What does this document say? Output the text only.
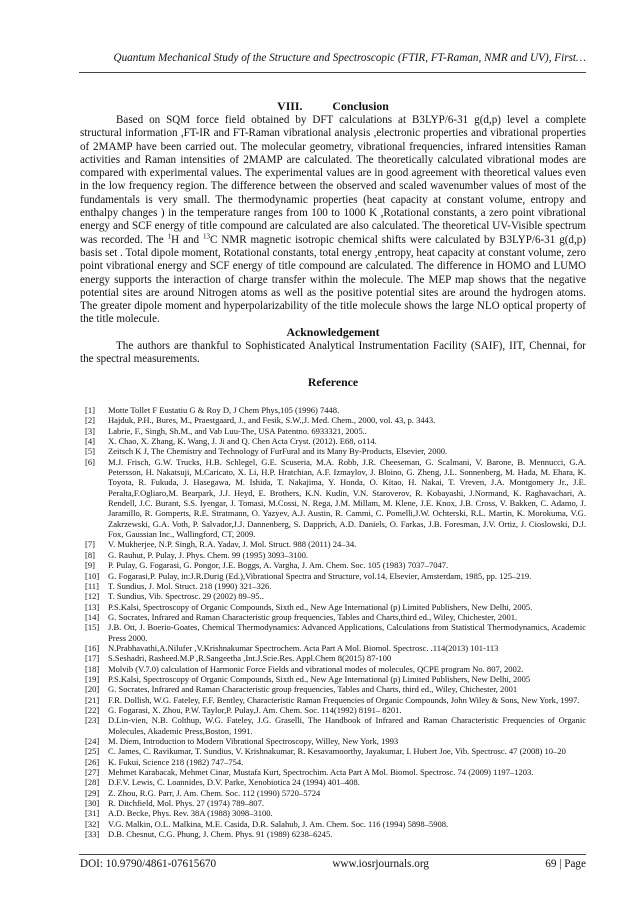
Quantum Mechanical Study of the Structure and Spectroscopic (FTIR, FT-Raman, NMR and UV), First…
VIII.	Conclusion

Based on SQM force field obtained by DFT calculations at B3LYP/6-31 g(d,p) level a complete structural information ,FT-IR and FT-Raman vibrational analysis ,electronic properties and vibrational properties of 2MAMP have been carried out. The molecular geometry, vibrational frequencies, infrared intensities Raman activities and Raman intensities of 2MAMP are calculated. The theoretically calculated vibrational modes are compared with experimental values. The experimental values are in good agreement with theoretical values even in the low frequency region. The difference between the observed and scaled wavenumber values of most of the fundamentals is very small. The thermodynamic properties (heat capacity at constant volume, entropy and enthalpy changes ) in the temperature ranges from 100 to 1000 K ,Rotational constants, a zero point vibrational energy and SCF energy of title compound are calculated are also calculated. The theoretical UV-Visible spectrum was recorded. The $^1$H and $^{13}$C NMR magnetic isotropic chemical shifts were calculated by B3LYP/6-31 g(d,p) basis set . Total dipole moment, Rotational constants, total energy ,entropy, heat capacity at constant volume, zero point vibrational energy and SCF energy of title compound are calculated. The difference in HOMO and LUMO energy supports the interaction of charge transfer within the molecule. The MEP map shows that the negative potential sites are around Nitrogen atoms as well as the positive potential sites are around the hydrogen atoms. The greater dipole moment and hyperpolarizability of the title molecule shows the large NLO optical property of the title molecule.

Acknowledgement

The authors are thankful to Sophisticated Analytical Instrumentation Facility (SAIF), IIT, Chennai, for the spectral measurements.

Reference
[1]	Motte Tollet F Eustatiu G & Roy D, J Chem Phys,105 (1996) 7448.
[2]	Hajduk, P.H., Bures, M., Praestgaard, J., and Fesik, S.W.,J. Med. Chem., 2000, vol. 43, p. 3443.
[3]	Labrie, F., Singh, Sh.M., and Vab Luu-The, USA Patentno. 6933321, 2005..
[4]	X. Chao, X. Zhang, K. Wang, J. Ji and Q. Chen Acta Cryst. (2012). E68, o114.
[5]	Zeitsch K J, The Chemistry and Technology of FurFural and its Many By-Products, Elsevier, 2000.
[6]	M.J. Frisch, G.W. Trucks, H.B. Schlegel, G.E. Scuseria, M.A. Robb, J.R. Cheeseman, G. Scalmani, V. Barone, B. Mennucci, G.A. Petersson, H. Nakatsuji, M.Caricato, X. Li, H.P. Hratchian, A.F. Izmaylov, J. Bloino, G. Zheng, J.L. Sonnenberg, M. Hada, M. Ehara, K. Toyota, R. Fukuda, J. Hasegawa, M. Ishida, T. Nakajima, Y. Honda, O. Kitao, H. Nakai, T. Vreven, J.A. Montgomery Jr., J.E. Peralta,F.Ogliaro,M. Bearpark, J.J. Heyd, E. Brothers, K.N. Kudin, V.N. Staroverov, R. Kobayashi, J.Normand, K. Raghavachari, A. Rendell, J.C. Burant, S.S. Iyengar, J. Tomasi, M.Cossi, N. Rega, J.M. Millam, M. Klene, J.E. Knox, J.B. Cross, V. Bakken, C. Adamo, J. Jaramillo, R. Gomperts, R.E. Stratmann, O. Yazyev, A.J. Austin, R. Cammi, C. Pomelli,J.W. Ochterski, R.L. Martin, K. Morokuma, V.G. Zakrzewski, G.A. Voth, P. Salvador,J.J. Dannenberg, S. Dapprich, A.D. Daniels, O. Farkas, J.B. Foresman, J.V. Ortiz, J. Cioslowski, D.J. Fox, Gaussian Inc., Wallingford, CT, 2009.
[7]	V. Mukherjee, N.P. Singh, R.A. Yadav, J. Mol. Struct. 988 (2011) 24–34.
[8]	G. Rauhut, P. Pulay, J. Phys. Chem. 99 (1995) 3093–3100.
[9]	P. Pulay, G. Fogarasi, G. Pongor, J.E. Boggs, A. Vargha, J. Am. Chem. Soc. 105 (1983) 7037–7047.
[10]	G. Fogarasi,P. Pulay, in:J.R.Durig (Ed.),Vibrational Spectra and Structure, vol.14, Elsevier, Amsterdam, 1985, pp. 125–219.
[11]	T. Sundius, J. Mol. Struct. 218 (1990) 321–326.
[12]	T. Sundius, Vib. Spectrosc. 29 (2002) 89–95..
[13]	P.S.Kalsi, Spectroscopy of Organic Compounds, Sixth ed., New Age International (p) Limited Publishers, New Delhi, 2005.
[14]	G. Socrates, Infrared and Raman Characteristic group frequencies, Tables and Charts,third ed., Wiley, Chichester, 2001.
[15]	J.B. Ott, J. Boerio-Goates, Chemical Thermodynamics: Advanced Applications, Calculations from Statistical Thermodynamics, Academic Press 2000.
[16]	N.Prabhavathi,A.Nilufer ,V.Krishnakumar Spectrochem. Acta Part A Mol. Biomol. Spectrosc. .114(2013) 101-113
[17]	S.Seshadri, Rasheed.M.P ,R.Sangeetha ,Int.J.Scie.Res. Appl.Chem 8(2015) 87-100
[18]	Molvib (V.7.0) calculation of Harmonic Force Fields and vibrational modes of molecules, QCPE program No. 807, 2002.
[19]	P.S.Kalsi, Spectroscopy of Organic Compounds, Sixth ed., New Age International (p) Limited Publishers, New Delhi, 2005
[20]	G. Socrates, Infrared and Raman Characteristic group frequencies, Tables and Charts, third ed., Wiley, Chichester, 2001
[21]	F.R. Dollish, W.G. Fateley, F.F. Bentley, Characteristic Raman Frequencies of Organic Compounds, John Wiley & Sons, New York, 1997.
[22]	G. Fogarasi, X. Zhou, P.W. Taylor,P. Pulay,J. Am. Chem. Soc. 114(1992) 8191– 8201.
[23]	D.Lin-vien, N.B. Colthup, W.G. Fateley, J.G. Graselli, The Handbook of Infrared and Raman Characteristic Frequencies of Organic Molecules, Akademic Press,Boston, 1991.
[24]	M. Diem, Introduction to Modern Vibrational Spectroscopy, Willey, New York, 1993
[25]	C. James, C. Ravikumar, T. Sundius, V. Krishnakumar, R. Kesavamoorthy, Jayakumar, I. Hubert Joe, Vib. Spectrosc. 47 (2008) 10–20
[26]	K. Fukui, Science 218 (1982) 747–754.
[27]	Mehmet Karabacak, Mehmet Cinar, Mustafa Kurt, Spectrochim. Acta Part A Mol. Biomol. Spectrosc. 74 (2009) 1197–1203.
[28]	D.F.V. Lewis, C. Loannides, D.V. Parke, Xenobiotica 24 (1994) 401–408.
[29]	Z. Zhou, R.G. Parr, J. Am. Chem. Soc. 112 (1990) 5720–5724
[30]	R. Ditchfield, Mol. Phys. 27 (1974) 789–807.
[31]	A.D. Becke, Phys. Rev. 38A (1988) 3098–3100.
[32]	V.G. Malkin, O.L. Malkina, M.E. Casida, D.R. Salahub, J. Am. Chem. Soc. 116 (1994) 5898–5908.
[33]	D.B. Chesnut, C.G. Phung, J. Chem. Phys. 91 (1989) 6238–6245.
DOI: 10.9790/4861-07615670	www.iosrjournals.org	69 | Page
